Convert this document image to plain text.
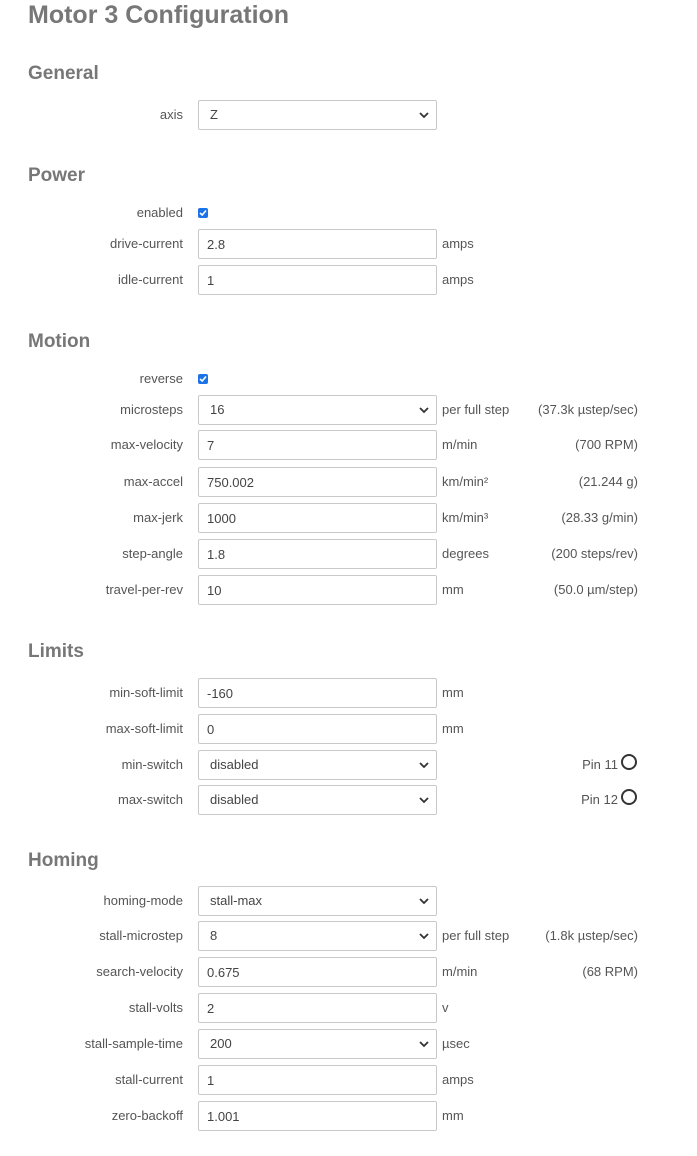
Motor 3 Configuration
General
axis Z
Power
enabled
drive-current
2.8	amps
idle-current
1	amps
Motion
reverse
microsteps 16	per full step (37.3k µstep/sec)
max-velocity
7	m/min	(700 RPM)
max-accel
750.002	km/min²	(21.244 g)
max-jerk
1000	km/min³	(28.33 g/min)
step-angle
1.8	degrees	(200 steps/rev)
travel-per-rev
10	mm	(50.0 µm/step)
Limits
min-soft-limit
-160	mm
max-soft-limit
0	mm
min-switch disabled	Pin 11
max-switch disabled	Pin 12
Homing
homing-mode stall-max
stall-microstep 8	per full step	(1.8k µstep/sec)
search-velocity
0.675	m/min	(68 RPM)
stall-volts
2	v
stall-sample-time 200	µsec
stall-current
1	amps
zero-backoff
1.001	mm
